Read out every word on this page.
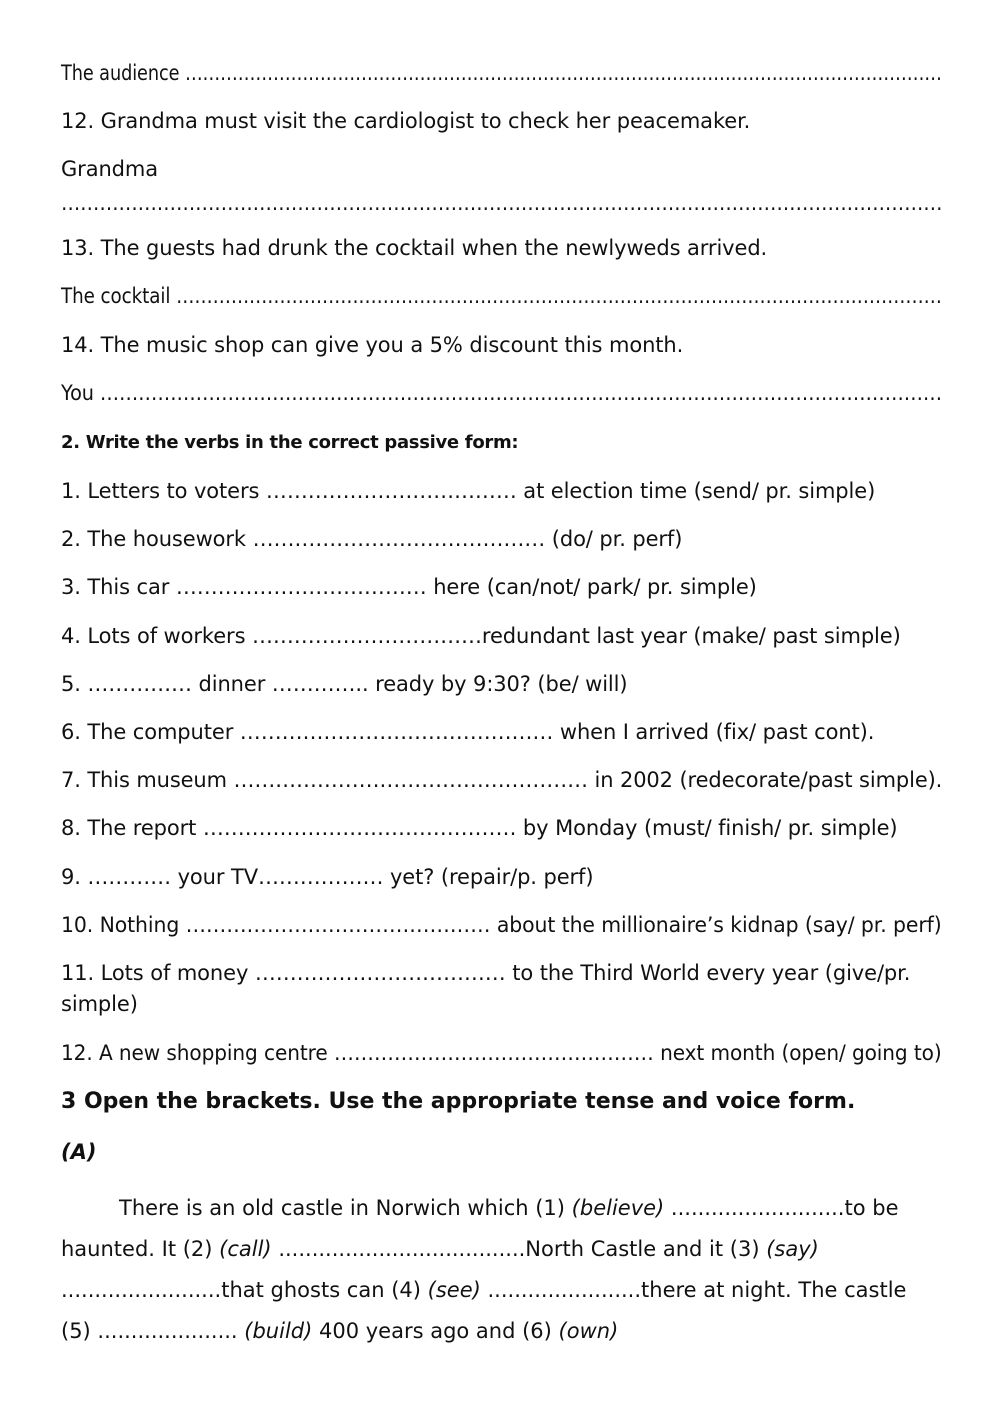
The audience …………………………………………………………………………………………………………………
12. Grandma must visit the cardiologist to check her peacemaker.
Grandma
…………………………………………………………………………………………………………………………
13. The guests had drunk the cocktail when the newlyweds arrived.
The cocktail ………………………………………………………………………………………………………………
14. The music shop can give you a 5% discount this month.
You ……………………………………………………………………………………………………………………
2. Write the verbs in the correct passive form:
1. Letters to voters ……………………………… at election time (send/ pr. simple)
2. The housework …………………………………… (do/ pr. perf)
3. This car ……………………………… here (can/not/ park/ pr. simple)
4. Lots of workers ……………………………redundant last year (make/ past simple)
5. …………… dinner ………….. ready by 9:30? (be/ will)
6. The computer ……………………………………… when I arrived (fix/ past cont).
7. This museum …………………………………………… in 2002 (redecorate/past simple).
8. The report ……………………………………… by Monday (must/ finish/ pr. simple)
9. ………… your TV……………… yet? (repair/p. perf)
10. Nothing ……………………………………… about the millionaire’s kidnap (say/ pr. perf)
11. Lots of money ……………………………… to the Third World every year (give/pr.
simple)
12. A new shopping centre ………………………………………… next month (open/ going to)
3 Open the brackets. Use the appropriate tense and voice form.
(A)
There is an old castle in Norwich which (1) (believe) ..........................to be haunted. It (2) (call) .....................................North Castle and it (3) (say) ........................that ghosts can (4) (see) .......................there at night. The castle (5) ..................... (build) 400 years ago and (6) (own)
